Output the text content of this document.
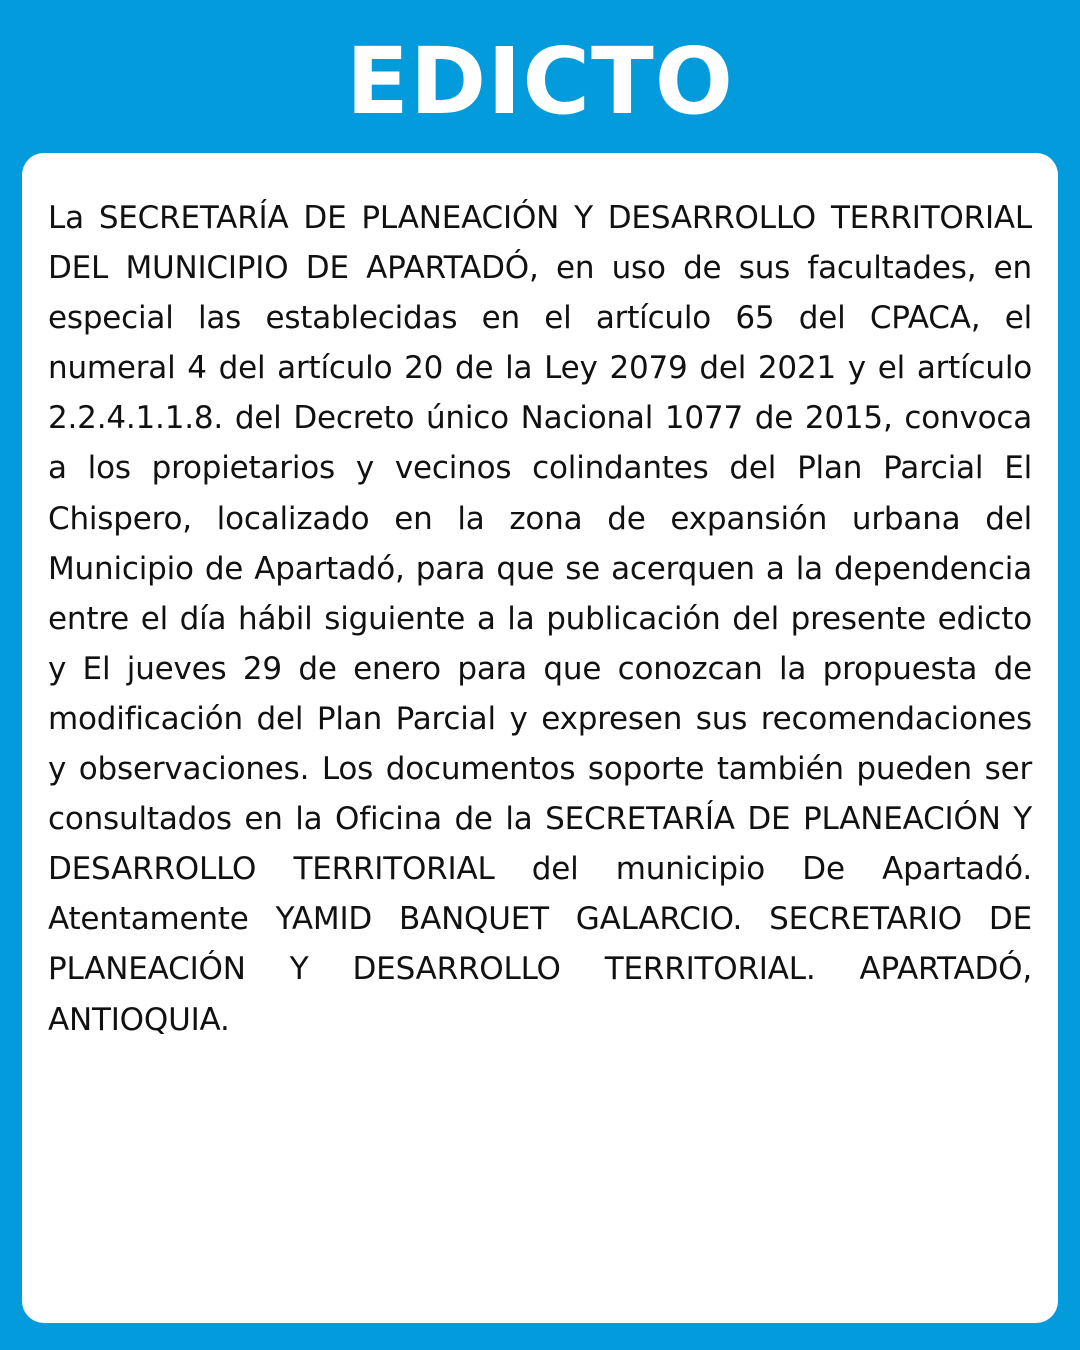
EDICTO

La SECRETARÍA DE PLANEACIÓN Y DESARROLLO TERRITORIAL DEL MUNICIPIO DE APARTADÓ, en uso de sus facultades, en especial las establecidas en el artículo 65 del CPACA, el numeral 4 del artículo 20 de la Ley 2079 del 2021 y el artículo 2.2.4.1.1.8. del Decreto único Nacional 1077 de 2015, convoca a los propietarios y vecinos colindantes del Plan Parcial El Chispero, localizado en la zona de expansión urbana del Municipio de Apartadó, para que se acerquen a la dependencia entre el día hábil siguiente a la publicación del presente edicto y El jueves 29 de enero para que conozcan la propuesta de modificación del Plan Parcial y expresen sus recomendaciones y observaciones. Los documentos soporte también pueden ser consultados en la Oficina de la SECRETARÍA DE PLANEACIÓN Y DESARROLLO TERRITORIAL del municipio De Apartadó. Atentamente YAMID BANQUET GALARCIO. SECRETARIO DE PLANEACIÓN Y DESARROLLO TERRITORIAL. APARTADÓ, ANTIOQUIA.
